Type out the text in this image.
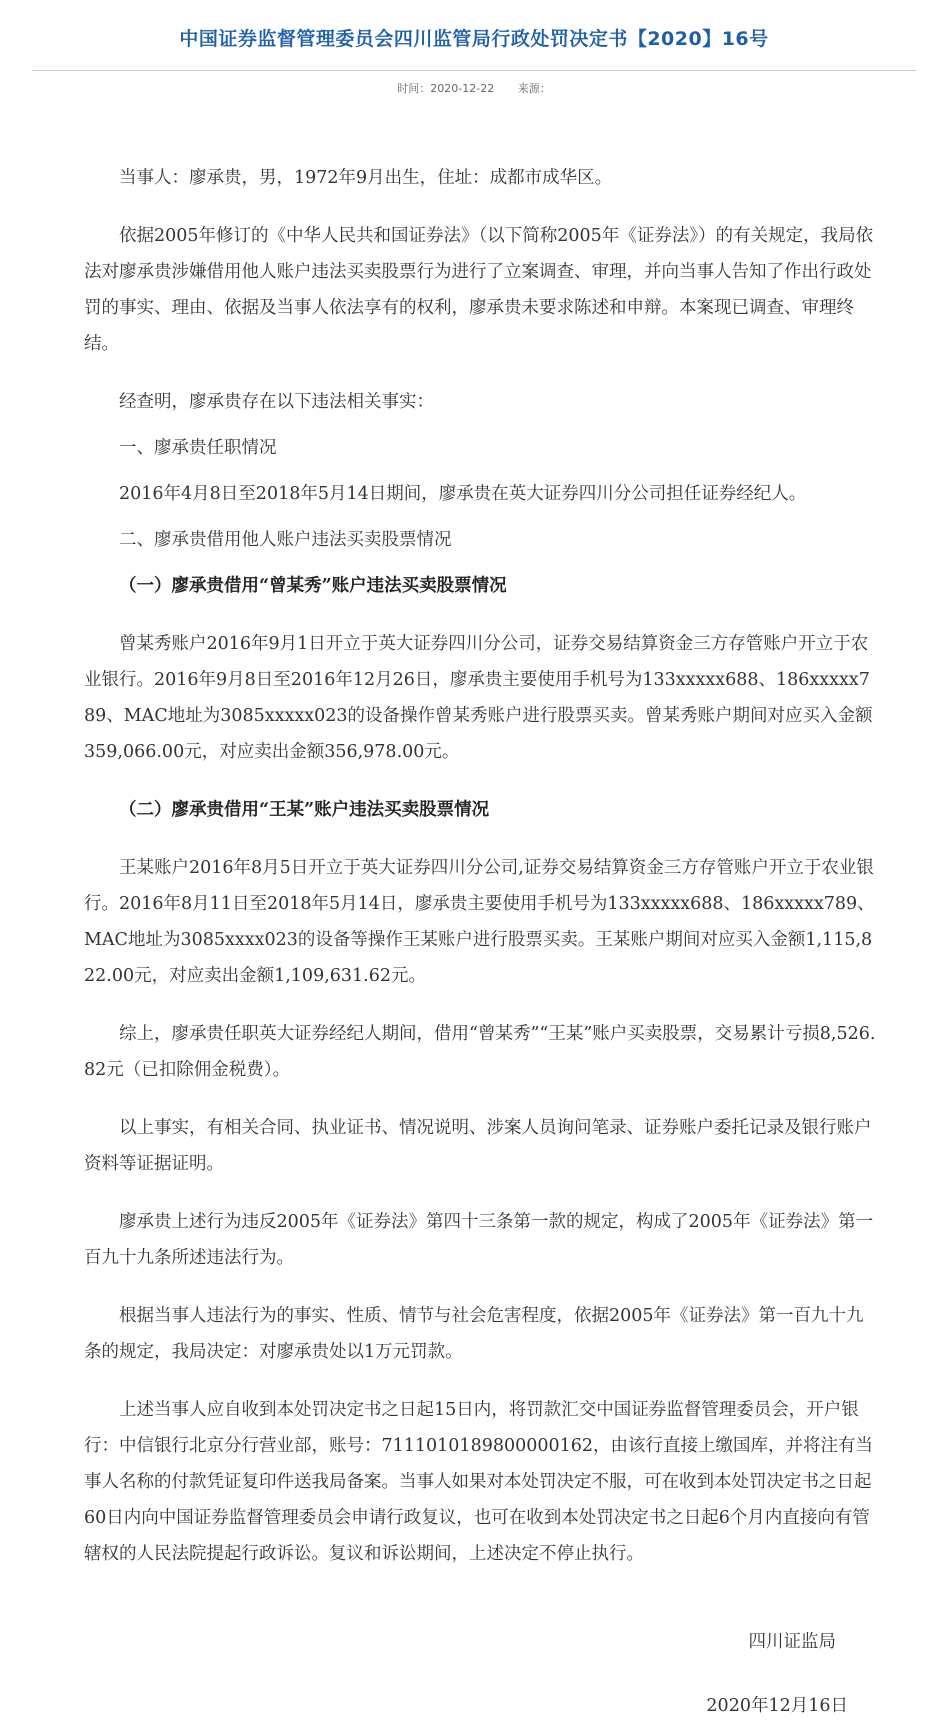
中国证券监督管理委员会四川监管局行政处罚决定书【2020】16号
时间：2020-12-22 来源：

当事人：廖承贵，男，1972年9月出生，住址：成都市成华区。

依据2005年修订的《中华人民共和国证券法》（以下简称2005年《证券法》）的有关规定，我局依法对廖承贵涉嫌借用他人账户违法买卖股票行为进行了立案调查、审理，并向当事人告知了作出行政处罚的事实、理由、依据及当事人依法享有的权利，廖承贵未要求陈述和申辩。本案现已调查、审理终结。

经查明，廖承贵存在以下违法相关事实：

一、廖承贵任职情况

2016年4月8日至2018年5月14日期间，廖承贵在英大证券四川分公司担任证券经纪人。

二、廖承贵借用他人账户违法买卖股票情况

（一）廖承贵借用“曾某秀”账户违法买卖股票情况

曾某秀账户2016年9月1日开立于英大证券四川分公司，证券交易结算资金三方存管账户开立于农业银行。2016年9月8日至2016年12月26日，廖承贵主要使用手机号为133xxxxx688、186xxxxx789、MAC地址为3085xxxxx023的设备操作曾某秀账户进行股票买卖。曾某秀账户期间对应买入金额359,066.00元，对应卖出金额356,978.00元。

（二）廖承贵借用“王某”账户违法买卖股票情况

王某账户2016年8月5日开立于英大证券四川分公司,证券交易结算资金三方存管账户开立于农业银行。2016年8月11日至2018年5月14日，廖承贵主要使用手机号为133xxxxx688、186xxxxx789、MAC地址为3085xxxx023的设备等操作王某账户进行股票买卖。王某账户期间对应买入金额1,115,822.00元，对应卖出金额1,109,631.62元。

综上，廖承贵任职英大证券经纪人期间，借用“曾某秀”“王某”账户买卖股票，交易累计亏损8,526.82元（已扣除佣金税费）。

以上事实，有相关合同、执业证书、情况说明、涉案人员询问笔录、证券账户委托记录及银行账户资料等证据证明。

廖承贵上述行为违反2005年《证券法》第四十三条第一款的规定，构成了2005年《证券法》第一百九十九条所述违法行为。

根据当事人违法行为的事实、性质、情节与社会危害程度，依据2005年《证券法》第一百九十九条的规定，我局决定：对廖承贵处以1万元罚款。

上述当事人应自收到本处罚决定书之日起15日内，将罚款汇交中国证券监督管理委员会，开户银行：中信银行北京分行营业部，账号：7111010189800000162，由该行直接上缴国库，并将注有当事人名称的付款凭证复印件送我局备案。当事人如果对本处罚决定不服，可在收到本处罚决定书之日起60日内向中国证券监督管理委员会申请行政复议，也可在收到本处罚决定书之日起6个月内直接向有管辖权的人民法院提起行政诉讼。复议和诉讼期间，上述决定不停止执行。

四川证监局
2020年12月16日
